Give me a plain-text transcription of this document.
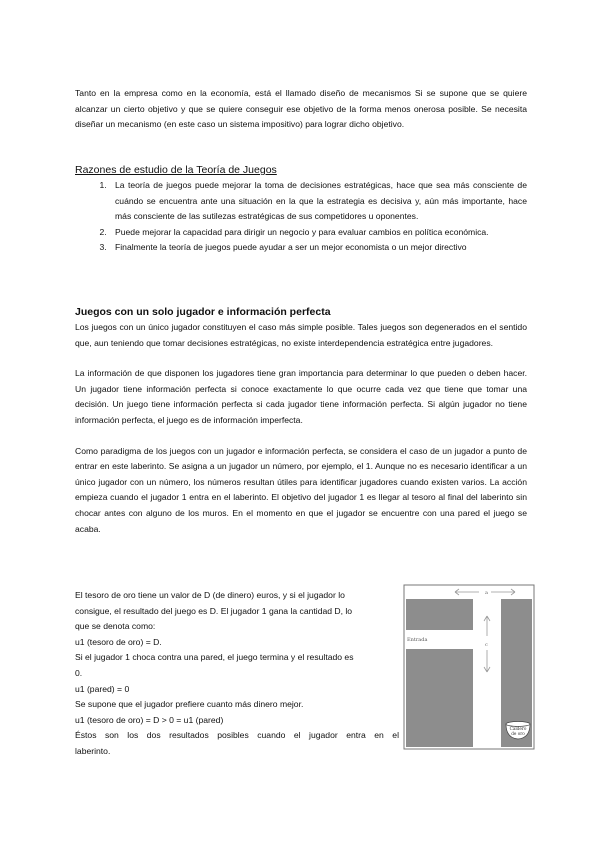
Tanto en la empresa como en la economía, está el llamado diseño de mecanismos Si se supone que se quiere alcanzar un cierto objetivo y que se quiere conseguir ese objetivo de la forma menos onerosa posible. Se necesita diseñar un mecanismo (en este caso un sistema impositivo) para lograr dicho objetivo.

Razones de estudio de la Teoría de Juegos
1. La teoría de juegos puede mejorar la toma de decisiones estratégicas, hace que sea más consciente de cuándo se encuentra ante una situación en la que la estrategia es decisiva y, aún más importante, hace más consciente de las sutilezas estratégicas de sus competidores u oponentes.
2. Puede mejorar la capacidad para dirigir un negocio y para evaluar cambios en política económica.
3. Finalmente la teoría de juegos puede ayudar a ser un mejor economista o un mejor directivo
Juegos con un solo jugador e información perfecta

Los juegos con un único jugador constituyen el caso más simple posible. Tales juegos son degenerados en el sentido que, aun teniendo que tomar decisiones estratégicas, no existe interdependencia estratégica entre jugadores.

La información de que disponen los jugadores tiene gran importancia para determinar lo que pueden o deben hacer. Un jugador tiene información perfecta si conoce exactamente lo que ocurre cada vez que tiene que tomar una decisión. Un juego tiene información perfecta si cada jugador tiene información perfecta. Si algún jugador no tiene información perfecta, el juego es de información imperfecta.

Como paradigma de los juegos con un jugador e información perfecta, se considera el caso de un jugador a punto de entrar en este laberinto. Se asigna a un jugador un número, por ejemplo, el 1. Aunque no es necesario identificar a un único jugador con un número, los números resultan útiles para identificar jugadores cuando existen varios. La acción empieza cuando el jugador 1 entra en el laberinto. El objetivo del jugador 1 es llegar al tesoro al final del laberinto sin chocar antes con alguno de los muros. En el momento en que el jugador se encuentre con una pared el juego se acaba.

El tesoro de oro tiene un valor de D (de dinero) euros, y si el jugador lo

consigue, el resultado del juego es D. El jugador 1 gana la cantidad D, lo

que se denota como:

u1 (tesoro de oro) = D.

Si el jugador 1 choca contra una pared, el juego termina y el resultado es

0.

u1 (pared) = 0

Se supone que el jugador prefiere cuanto más dinero mejor.

u1 (tesoro de oro) = D > 0 = u1 (pared)

Éstos son los dos resultados posibles cuando el jugador entra en el

laberinto.

a
c
Entrada
Caldero
de oro
